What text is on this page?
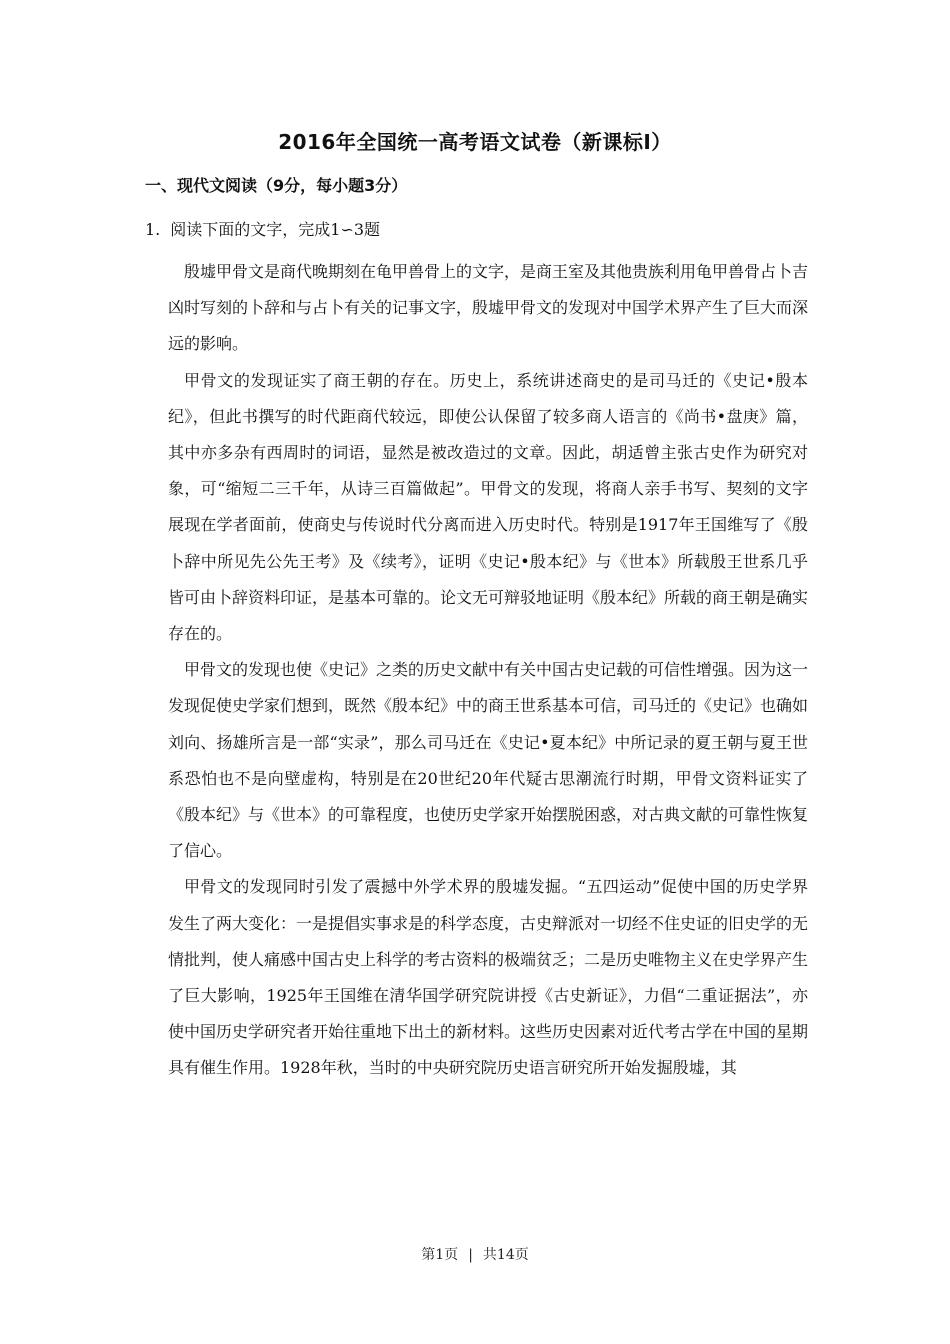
2016年全国统一高考语文试卷（新课标Ⅰ）
一、现代文阅读（9分，每小题3分）
1. 阅读下面的文字，完成1∽3题

殷墟甲骨文是商代晚期刻在龟甲兽骨上的文字，是商王室及其他贵族利用龟甲兽骨占卜吉凶时写刻的卜辞和与占卜有关的记事文字，殷墟甲骨文的发现对中国学术界产生了巨大而深远的影响。

甲骨文的发现证实了商王朝的存在。历史上，系统讲述商史的是司马迁的《史记•殷本纪》，但此书撰写的时代距商代较远，即使公认保留了较多商人语言的《尚书•盘庚》篇，其中亦多杂有西周时的词语，显然是被改造过的文章。因此，胡适曾主张古史作为研究对象，可“缩短二三千年，从诗三百篇做起”。甲骨文的发现，将商人亲手书写、契刻的文字展现在学者面前，使商史与传说时代分离而进入历史时代。特别是1917年王国维写了《殷卜辞中所见先公先王考》及《续考》，证明《史记•殷本纪》与《世本》所载殷王世系几乎皆可由卜辞资料印证，是基本可靠的。论文无可辩驳地证明《殷本纪》所载的商王朝是确实存在的。

甲骨文的发现也使《史记》之类的历史文献中有关中国古史记载的可信性增强。因为这一发现促使史学家们想到，既然《殷本纪》中的商王世系基本可信，司马迁的《史记》也确如刘向、扬雄所言是一部“实录”，那么司马迁在《史记•夏本纪》中所记录的夏王朝与夏王世系恐怕也不是向壁虚构，特别是在20世纪20年代疑古思潮流行时期，甲骨文资料证实了《殷本纪》与《世本》的可靠程度，也使历史学家开始摆脱困惑，对古典文献的可靠性恢复了信心。

甲骨文的发现同时引发了震撼中外学术界的殷墟发掘。“五四运动”促使中国的历史学界发生了两大变化：一是提倡实事求是的科学态度，古史辩派对一切经不住史证的旧史学的无情批判，使人痛感中国古史上科学的考古资料的极端贫乏；二是历史唯物主义在史学界产生了巨大影响，1925年王国维在清华国学研究院讲授《古史新证》，力倡“二重证据法”，亦使中国历史学研究者开始往重地下出土的新材料。这些历史因素对近代考古学在中国的星期具有催生作用。1928年秋，当时的中央研究院历史语言研究所开始发掘殷墟，其

第1页 | 共14页
